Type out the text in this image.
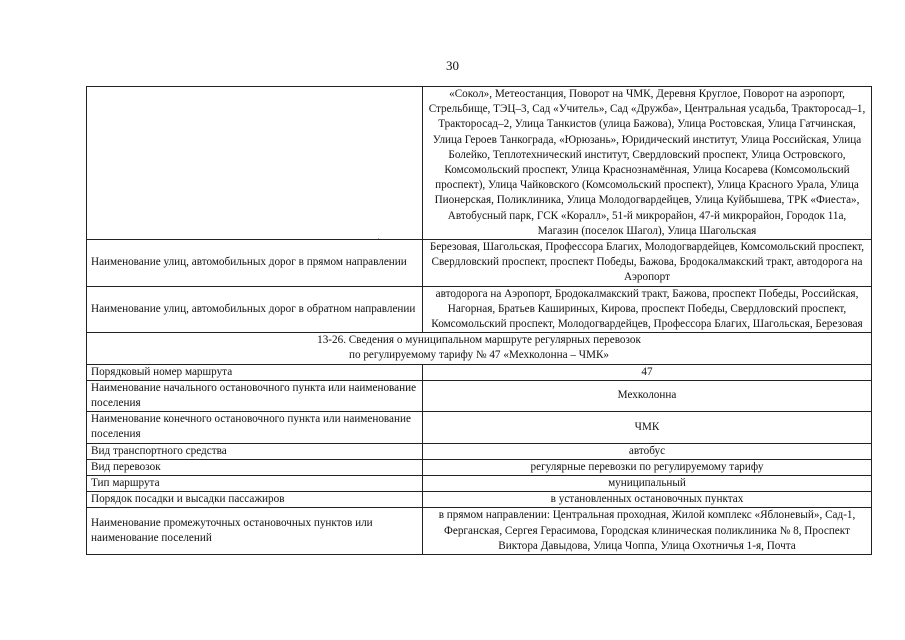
30
·
	«Сокол», Метеостанция, Поворот на ЧМК, Деревня Круглое, Поворот на аэропорт, Стрельбище, ТЭЦ–3, Сад «Учитель», Сад «Дружба», Центральная усадьба, Тракторосад–1, Тракторосад–2, Улица Танкистов (улица Бажова), Улица Ростовская, Улица Гатчинская, Улица Героев Танкограда, «Юрюзань», Юридический институт, Улица Российская, Улица Болейко, Теплотехнический институт, Свердловский проспект, Улица Островского, Комсомольский проспект, Улица Краснознамённая, Улица Косарева (Комсомольский проспект), Улица Чайковского (Комсомольский проспект), Улица Красного Урала, Улица Пионерская, Поликлиника, Улица Молодогвардейцев, Улица Куйбышева, ТРК «Фиеста», Автобусный парк, ГСК «Коралл», 51-й микрорайон, 47-й микрорайон, Городок 11а, Магазин (поселок Шагол), Улица Шагольская
Наименование улиц, автомобильных дорог в прямом направлении	Березовая, Шагольская, Профессора Благих, Молодогвардейцев, Комсомольский проспект, Свердловский проспект, проспект Победы, Бажова, Бродокалмакский тракт, автодорога на Аэропорт
Наименование улиц, автомобильных дорог в обратном направлении	автодорога на Аэропорт, Бродокалмакский тракт, Бажова, проспект Победы, Российская, Нагорная, Братьев Кашириных, Кирова, проспект Победы, Свердловский проспект, Комсомольский проспект, Молодогвардейцев, Профессора Благих, Шагольская, Березовая

13-26. Сведения о муниципальном маршруте регулярных перевозок
по регулируемому тарифу № 47 «Мехколонна – ЧМК»	

Порядковый номер маршрута	47
Наименование начального остановочного пункта или наименование поселения	Мехколонна
Наименование конечного остановочного пункта или наименование поселения	ЧМК
Вид транспортного средства	автобус
Вид перевозок	регулярные перевозки по регулируемому тарифу
Тип маршрута	муниципальный
Порядок посадки и высадки пассажиров	в установленных остановочных пунктах
Наименование промежуточных остановочных пунктов или наименование поселений	в прямом направлении: Центральная проходная, Жилой комплекс «Яблоневый», Сад-1, Ферганская, Сергея Герасимова, Городская клиническая поликлиника № 8, Проспект Виктора Давыдова, Улица Чоппа, Улица Охотничья 1-я, Почта
